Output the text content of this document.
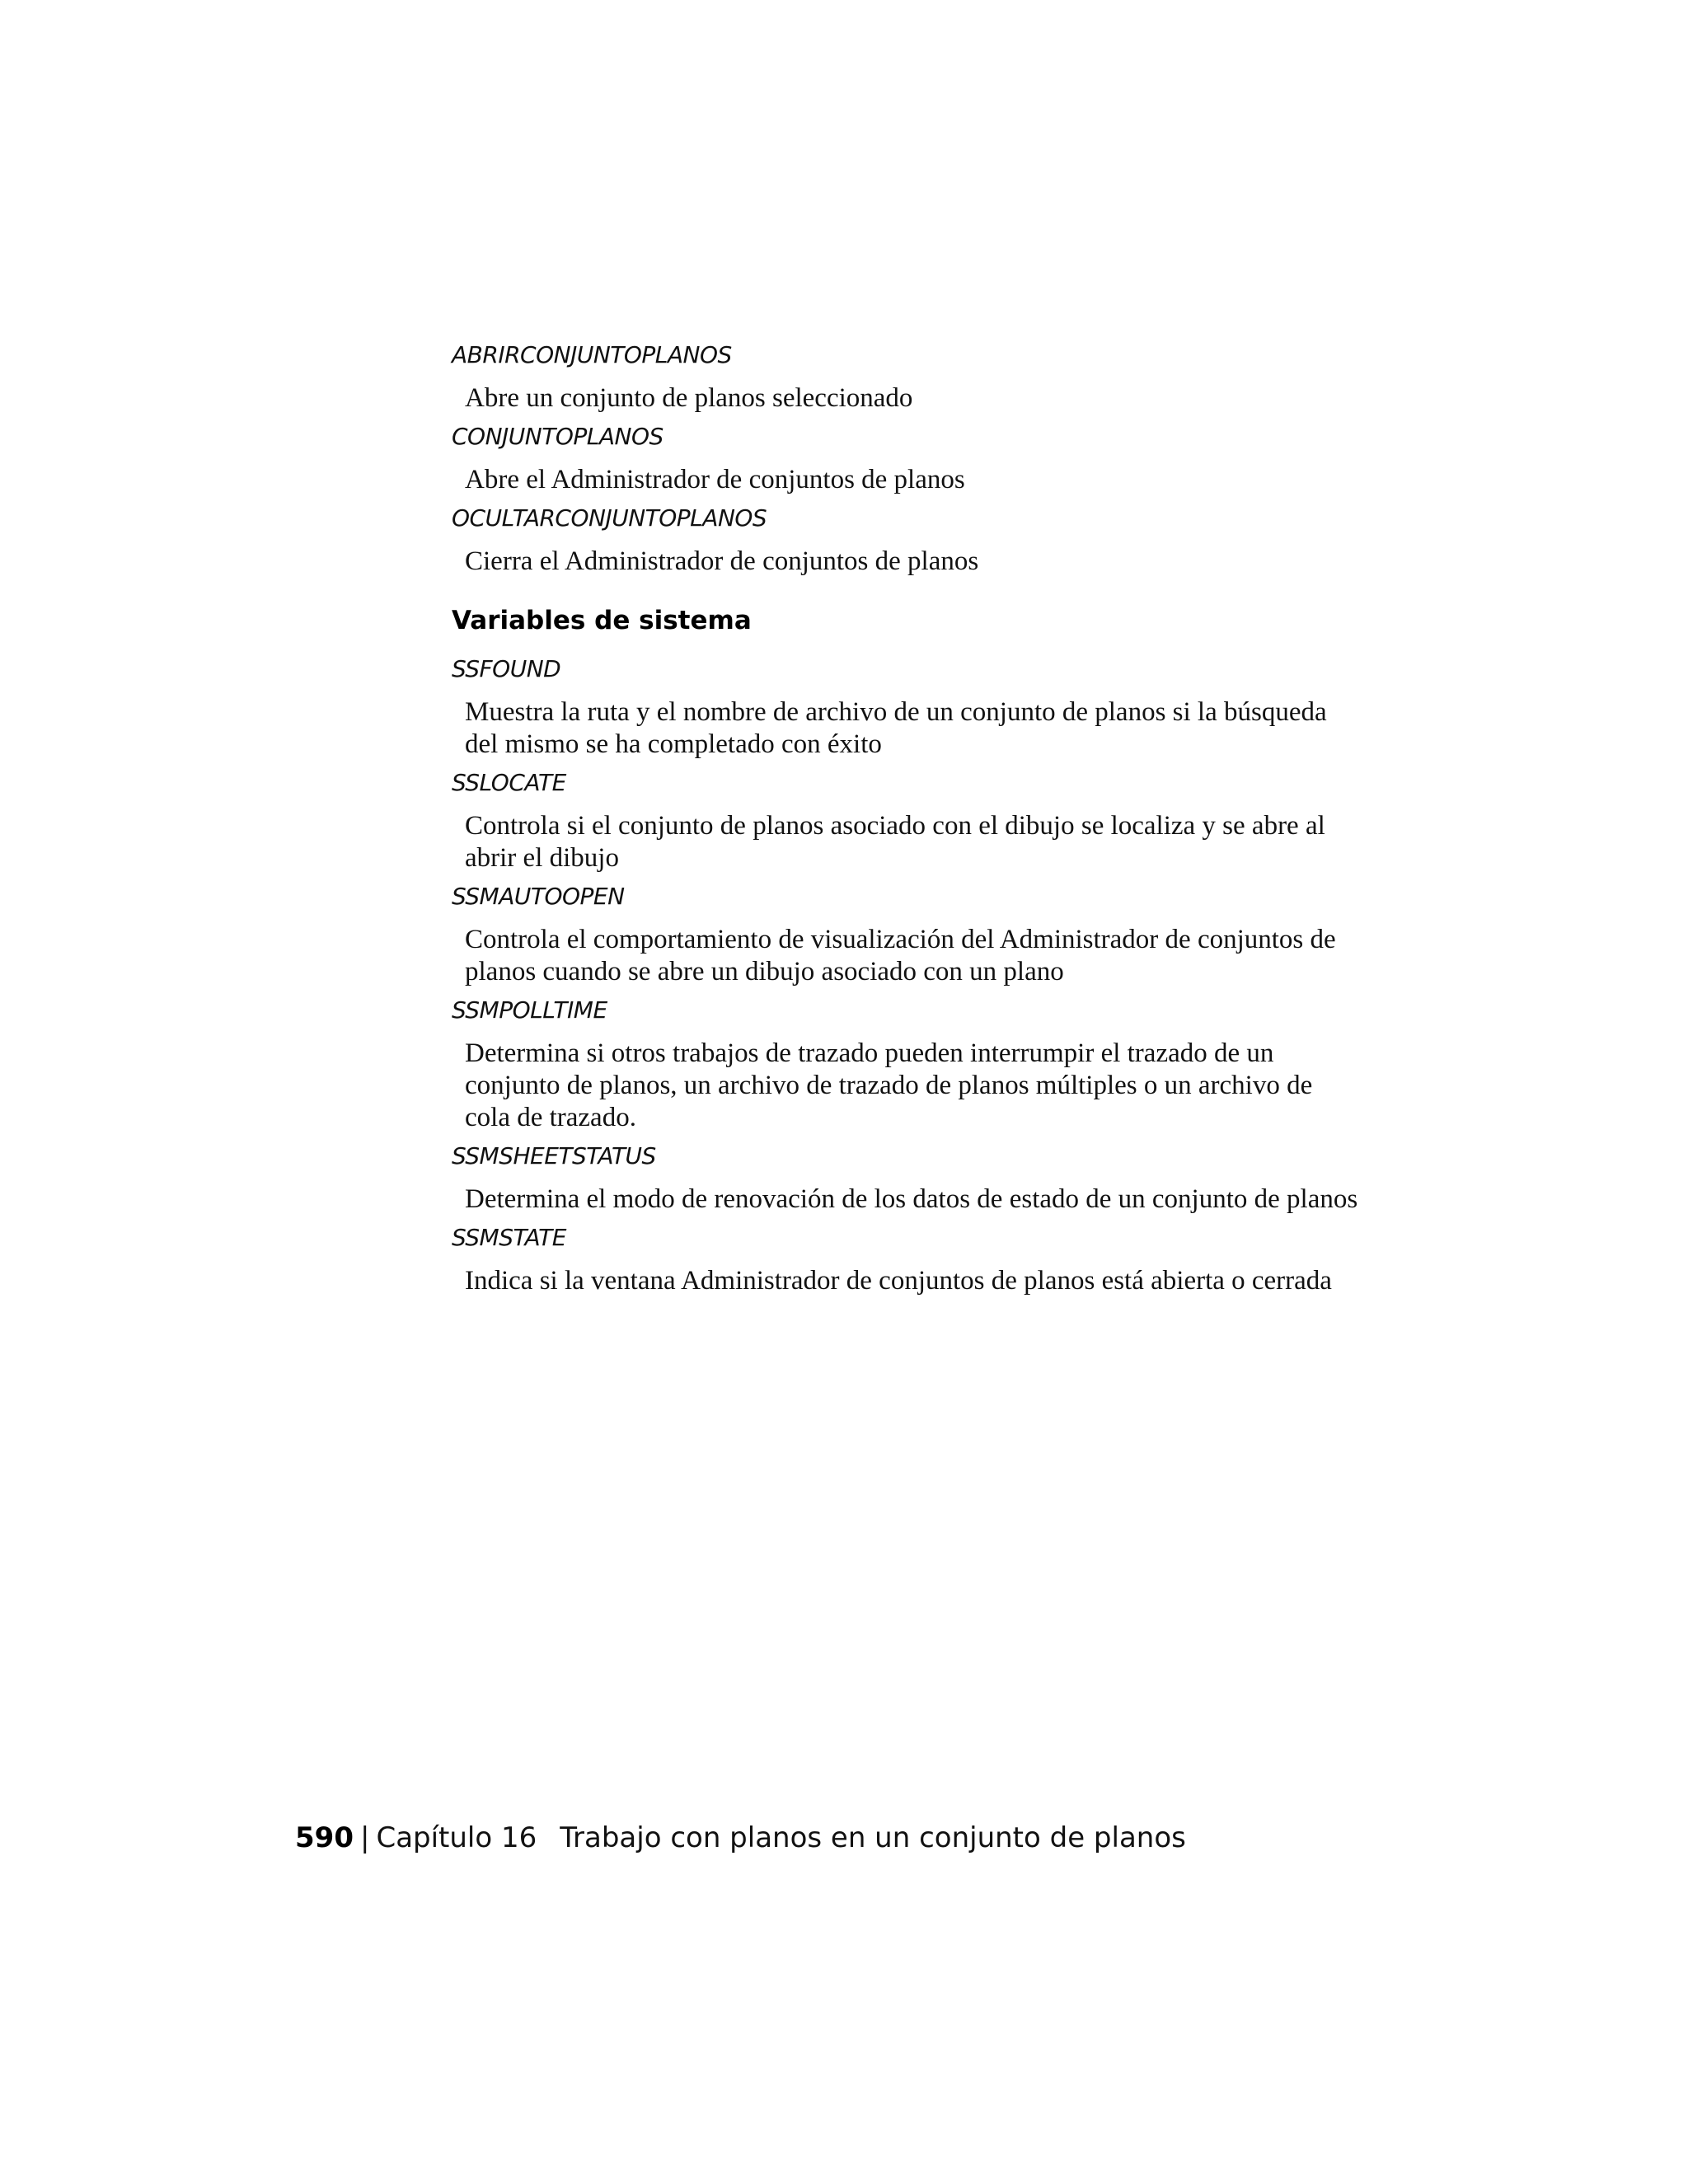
ABRIRCONJUNTOPLANOS

Abre un conjunto de planos seleccionado

CONJUNTOPLANOS

Abre el Administrador de conjuntos de planos

OCULTARCONJUNTOPLANOS

Cierra el Administrador de conjuntos de planos

Variables de sistema

SSFOUND

Muestra la ruta y el nombre de archivo de un conjunto de planos si la búsqueda del mismo se ha completado con éxito

SSLOCATE

Controla si el conjunto de planos asociado con el dibujo se localiza y se abre al abrir el dibujo

SSMAUTOOPEN

Controla el comportamiento de visualización del Administrador de conjuntos de planos cuando se abre un dibujo asociado con un plano

SSMPOLLTIME

Determina si otros trabajos de trazado pueden interrumpir el trazado de un conjunto de planos, un archivo de trazado de planos múltiples o un archivo de cola de trazado.

SSMSHEETSTATUS

Determina el modo de renovación de los datos de estado de un conjunto de planos

SSMSTATE

Indica si la ventana Administrador de conjuntos de planos está abierta o cerrada

590 | Capítulo 16 Trabajo con planos en un conjunto de planos
